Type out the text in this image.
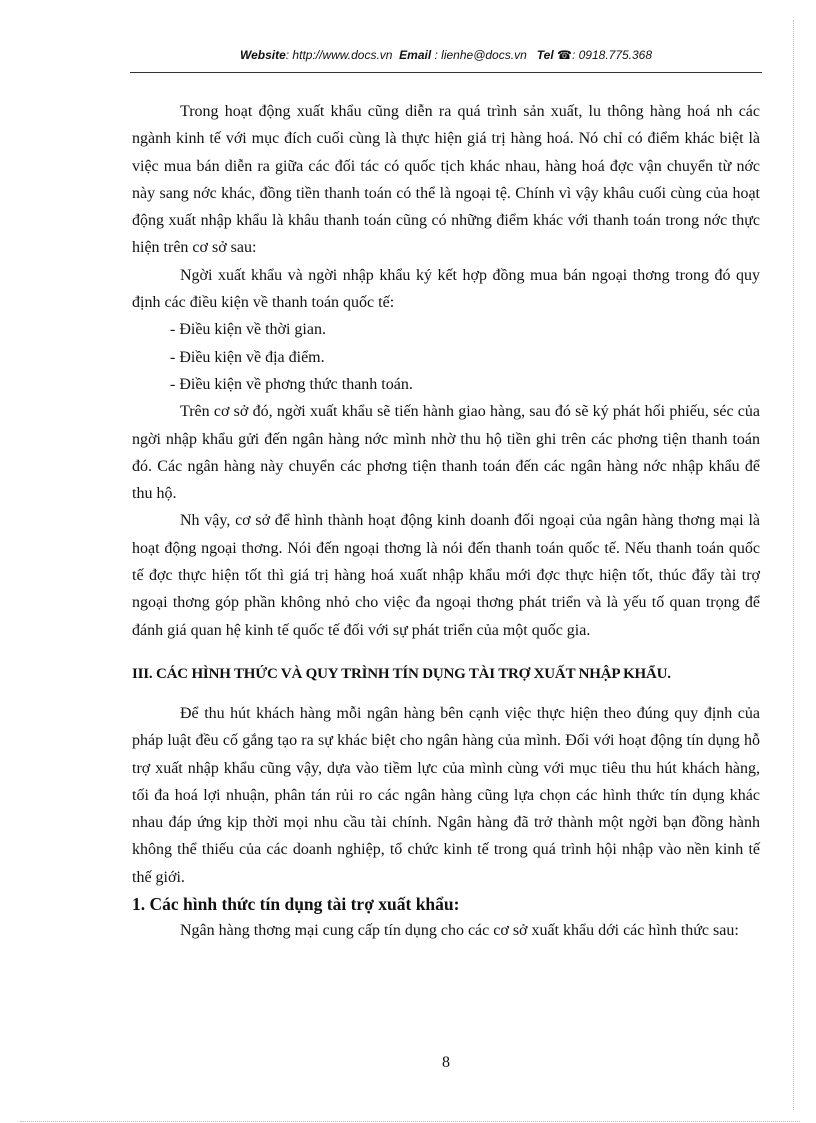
Website: http://www.docs.vn Email : lienhe@docs.vn Tel ☎: 0918.775.368

Trong hoạt động xuất khẩu cũng diễn ra quá trình sản xuất, lu thông hàng hoá nh các ngành kinh tế với mục đích cuối cùng là thực hiện giá trị hàng hoá. Nó chỉ có điểm khác biệt là việc mua bán diễn ra giữa các đối tác có quốc tịch khác nhau, hàng hoá đợc vận chuyển từ nớc này sang nớc khác, đồng tiền thanh toán có thể là ngoại tệ. Chính vì vậy khâu cuối cùng của hoạt động xuất nhập khẩu là khâu thanh toán cũng có những điểm khác với thanh toán trong nớc thực hiện trên cơ sở sau:

Ngời xuất khẩu và ngời nhập khẩu ký kết hợp đồng mua bán ngoại thơng trong đó quy định các điều kiện về thanh toán quốc tế:

- Điều kiện về thời gian.

- Điều kiện về địa điểm.

- Điều kiện về phơng thức thanh toán.

Trên cơ sở đó, ngời xuất khẩu sẽ tiến hành giao hàng, sau đó sẽ ký phát hối phiếu, séc của ngời nhập khẩu gửi đến ngân hàng nớc mình nhờ thu hộ tiền ghi trên các phơng tiện thanh toán đó. Các ngân hàng này chuyển các phơng tiện thanh toán đến các ngân hàng nớc nhập khẩu để thu hộ.

Nh vậy, cơ sở để hình thành hoạt động kinh doanh đối ngoại của ngân hàng thơng mại là hoạt động ngoại thơng. Nói đến ngoại thơng là nói đến thanh toán quốc tế. Nếu thanh toán quốc tế đợc thực hiện tốt thì giá trị hàng hoá xuất nhập khẩu mới đợc thực hiện tốt, thúc đẩy tài trợ ngoại thơng góp phần không nhỏ cho việc đa ngoại thơng phát triển và là yếu tố quan trọng để đánh giá quan hệ kinh tế quốc tế đối với sự phát triển của một quốc gia.

III. CÁC HÌNH THỨC VÀ QUY TRÌNH TÍN DỤNG TÀI TRỢ XUẤT NHẬP KHẨU.

Để thu hút khách hàng mỗi ngân hàng bên cạnh việc thực hiện theo đúng quy định của pháp luật đều cố gắng tạo ra sự khác biệt cho ngân hàng của mình. Đối với hoạt động tín dụng hỗ trợ xuất nhập khẩu cũng vậy, dựa vào tiềm lực của mình cùng với mục tiêu thu hút khách hàng, tối đa hoá lợi nhuận, phân tán rủi ro các ngân hàng cũng lựa chọn các hình thức tín dụng khác nhau đáp ứng kịp thời mọi nhu cầu tài chính. Ngân hàng đã trở thành một ngời bạn đồng hành không thể thiếu của các doanh nghiệp, tổ chức kinh tế trong quá trình hội nhập vào nền kinh tế thế giới.

1. Các hình thức tín dụng tài trợ xuất khẩu:

Ngân hàng thơng mại cung cấp tín dụng cho các cơ sở xuất khẩu dới các hình thức sau:

8
